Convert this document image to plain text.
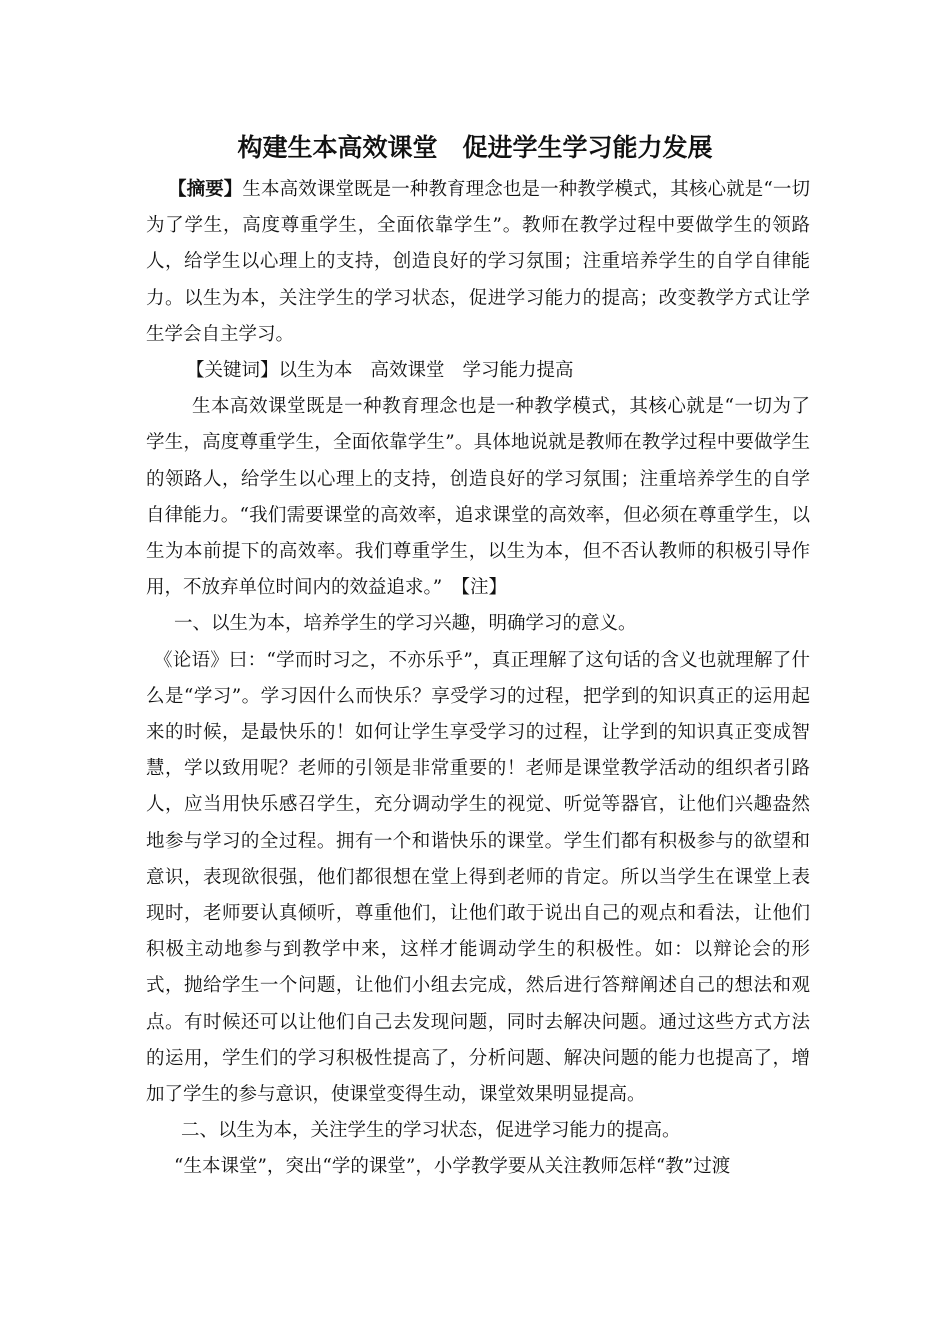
构建生本高效课堂　促进学生学习能力发展

【摘要】生本高效课堂既是一种教育理念也是一种教学模式，其核心就是“一切为了学生，高度尊重学生，全面依靠学生”。教师在教学过程中要做学生的领路人，给学生以心理上的支持，创造良好的学习氛围；注重培养学生的自学自律能力。以生为本，关注学生的学习状态，促进学习能力的提高；改变教学方式让学生学会自主学习。

【关键词】以生为本 高效课堂 学习能力提高

生本高效课堂既是一种教育理念也是一种教学模式，其核心就是“一切为了学生，高度尊重学生，全面依靠学生”。具体地说就是教师在教学过程中要做学生的领路人，给学生以心理上的支持，创造良好的学习氛围；注重培养学生的自学自律能力。“我们需要课堂的高效率，追求课堂的高效率，但必须在尊重学生，以生为本前提下的高效率。我们尊重学生，以生为本，但不否认教师的积极引导作用，不放弃单位时间内的效益追求。”　【注】

一、以生为本，培养学生的学习兴趣，明确学习的意义。

《论语》曰：“学而时习之，不亦乐乎”，真正理解了这句话的含义也就理解了什么是“学习”。学习因什么而快乐？享受学习的过程，把学到的知识真正的运用起来的时候，是最快乐的！如何让学生享受学习的过程，让学到的知识真正变成智慧，学以致用呢？老师的引领是非常重要的！老师是课堂教学活动的组织者引路人，应当用快乐感召学生，充分调动学生的视觉、听觉等器官，让他们兴趣盎然地参与学习的全过程。拥有一个和谐快乐的课堂。学生们都有积极参与的欲望和意识，表现欲很强，他们都很想在堂上得到老师的肯定。所以当学生在课堂上表现时，老师要认真倾听，尊重他们，让他们敢于说出自己的观点和看法，让他们积极主动地参与到教学中来，这样才能调动学生的积极性。如：以辩论会的形式，抛给学生一个问题，让他们小组去完成，然后进行答辩阐述自己的想法和观点。有时候还可以让他们自己去发现问题，同时去解决问题。通过这些方式方法的运用，学生们的学习积极性提高了，分析问题、解决问题的能力也提高了，增加了学生的参与意识，使课堂变得生动，课堂效果明显提高。

二、以生为本，关注学生的学习状态，促进学习能力的提高。

“生本课堂”，突出“学的课堂”，小学教学要从关注教师怎样“教”过渡
